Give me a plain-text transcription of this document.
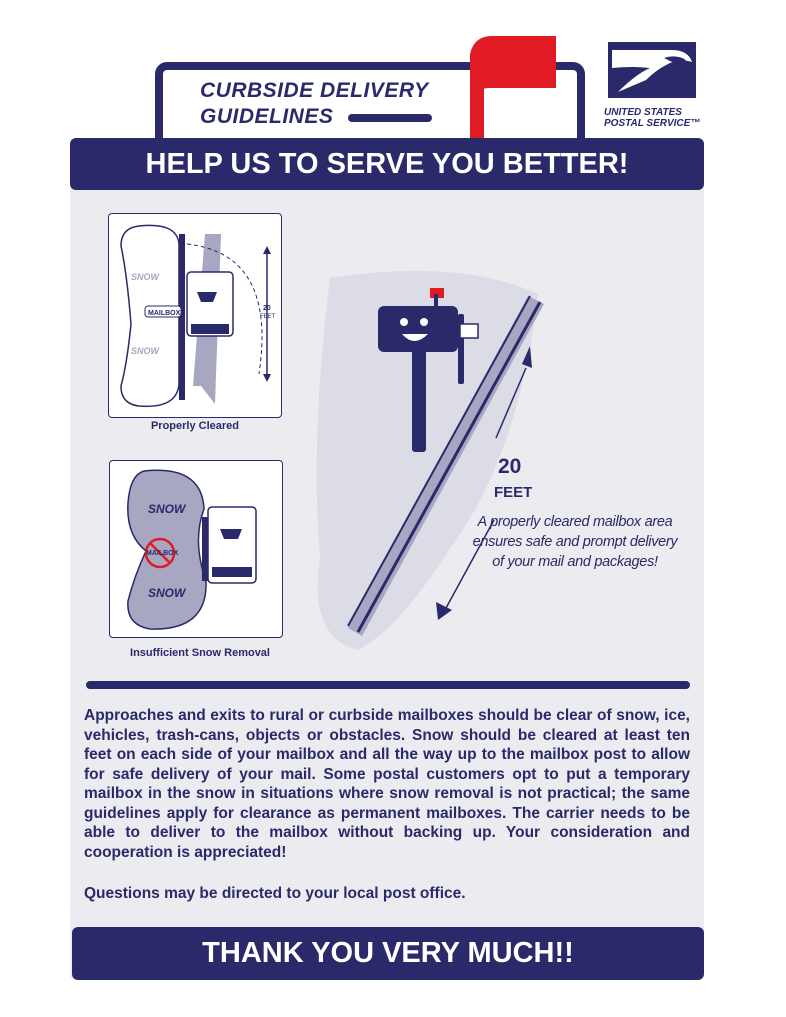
CURBSIDE DELIVERY
GUIDELINES	UNITED STATES
POSTAL SERVICE™
HELP US TO SERVE YOU BETTER!
SNOW
SNOW
MAILBOX
20
FEET
Properly Cleared
MAILBOX
SNOW
SNOW
Insufficient Snow Removal
20
FEET
A properly cleared mailbox area ensures safe and prompt delivery of your mail and packages!
Approaches and exits to rural or curbside mailboxes should be clear of snow, ice, vehicles, trash-cans, objects or obstacles. Snow should be cleared at least ten feet on each side of your mailbox and all the way up to the mailbox post to allow for safe delivery of your mail. Some postal customers opt to put a temporary mailbox in the snow in situations where snow removal is not practical; the same guidelines apply for clearance as permanent mailboxes. The carrier needs to be able to deliver to the mailbox without backing up. Your consideration and cooperation is appreciated!
Questions may be directed to your local post office.
THANK YOU VERY MUCH!!
